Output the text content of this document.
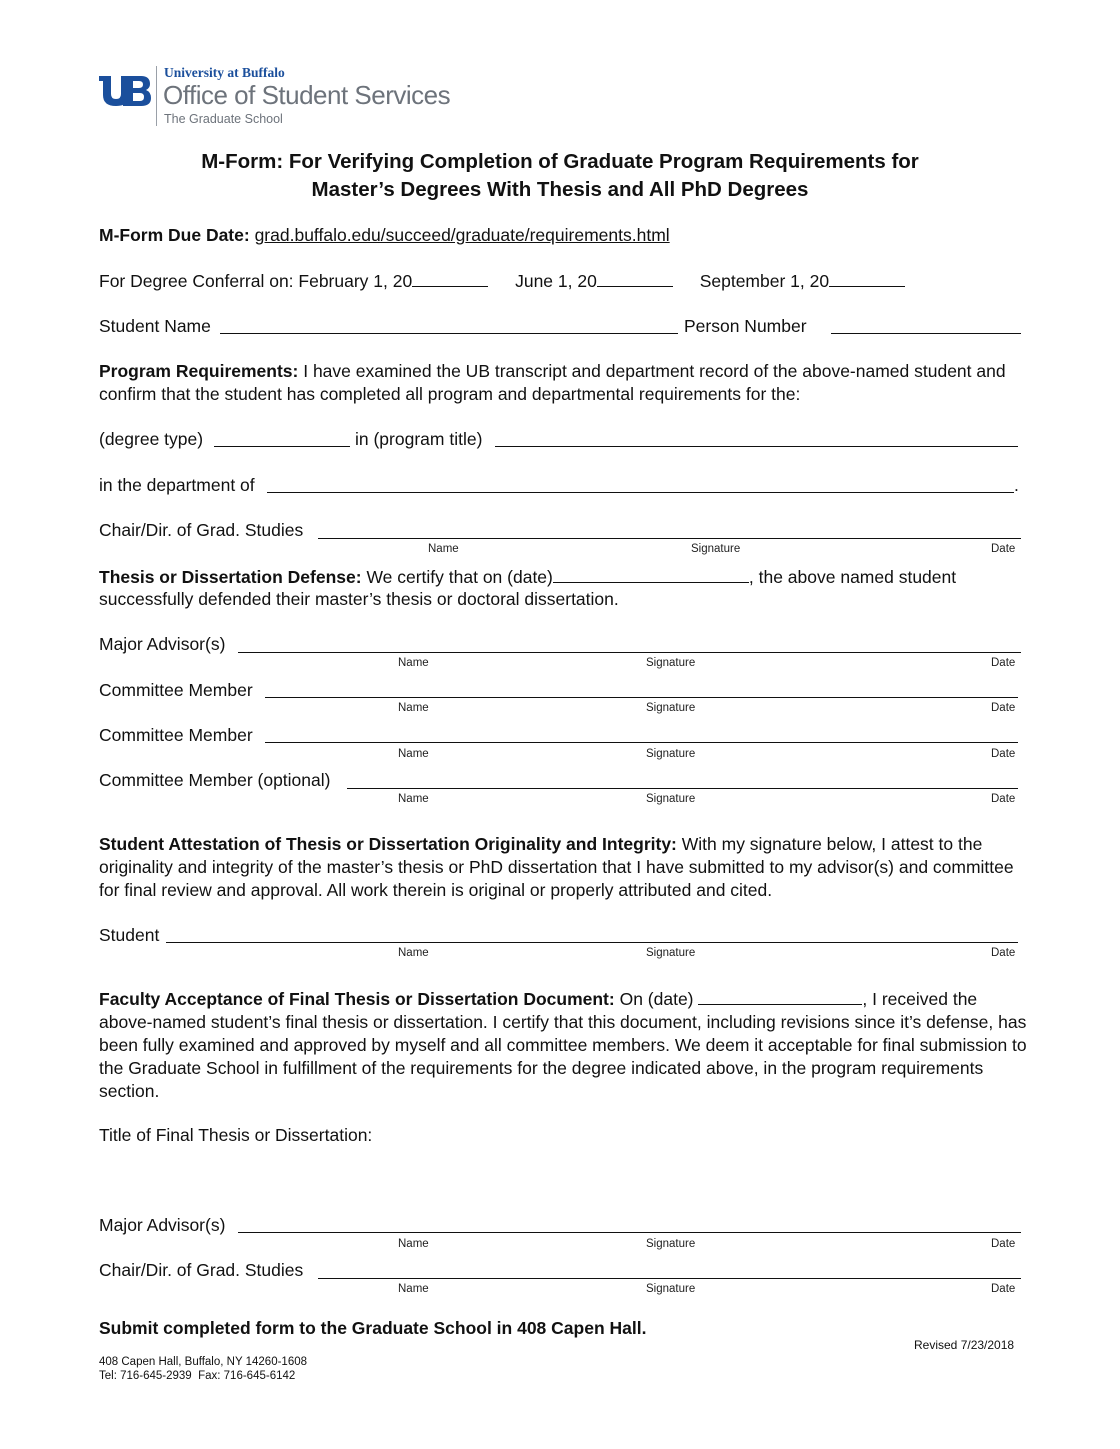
University at Buffalo
Office of Student Services
The Graduate School
M-Form: For Verifying Completion of Graduate Program Requirements for
Master’s Degrees With Thesis and All PhD Degrees
M-Form Due Date: grad.buffalo.edu/succeed/graduate/requirements.html
For Degree Conferral on: February 1, 20	June 1, 20	September 1, 20
Student Name	Person Number
Program Requirements: I have examined the UB transcript and department record of the above-named student and confirm that the student has completed all program and departmental requirements for the:
(degree type)	in (program title)
in the department of	.
Chair/Dir. of Grad. Studies
Name	Signature	Date
Thesis or Dissertation Defense: We certify that on (date)	, the above named student
successfully defended their master’s thesis or doctoral dissertation.
Major Advisor(s)
Name	Signature	Date
Committee Member
Name	Signature	Date
Committee Member
Name	Signature	Date
Committee Member (optional)
Name	Signature	Date
Student Attestation of Thesis or Dissertation Originality and Integrity: With my signature below, I attest to the originality and integrity of the master’s thesis or PhD dissertation that I have submitted to my advisor(s) and committee for final review and approval. All work therein is original or properly attributed and cited.
Student
Name	Signature	Date
Faculty Acceptance of Final Thesis or Dissertation Document: On (date)	, I received the above-named student’s final thesis or dissertation. I certify that this document, including revisions since it’s defense, has been fully examined and approved by myself and all committee members. We deem it acceptable for final submission to the Graduate School in fulfillment of the requirements for the degree indicated above, in the program requirements section.
Title of Final Thesis or Dissertation:
Major Advisor(s)
Name	Signature	Date
Chair/Dir. of Grad. Studies
Name	Signature	Date
Submit completed form to the Graduate School in 408 Capen Hall.
Revised 7/23/2018
408 Capen Hall, Buffalo, NY 14260-1608
Tel: 716-645-2939  Fax: 716-645-6142
